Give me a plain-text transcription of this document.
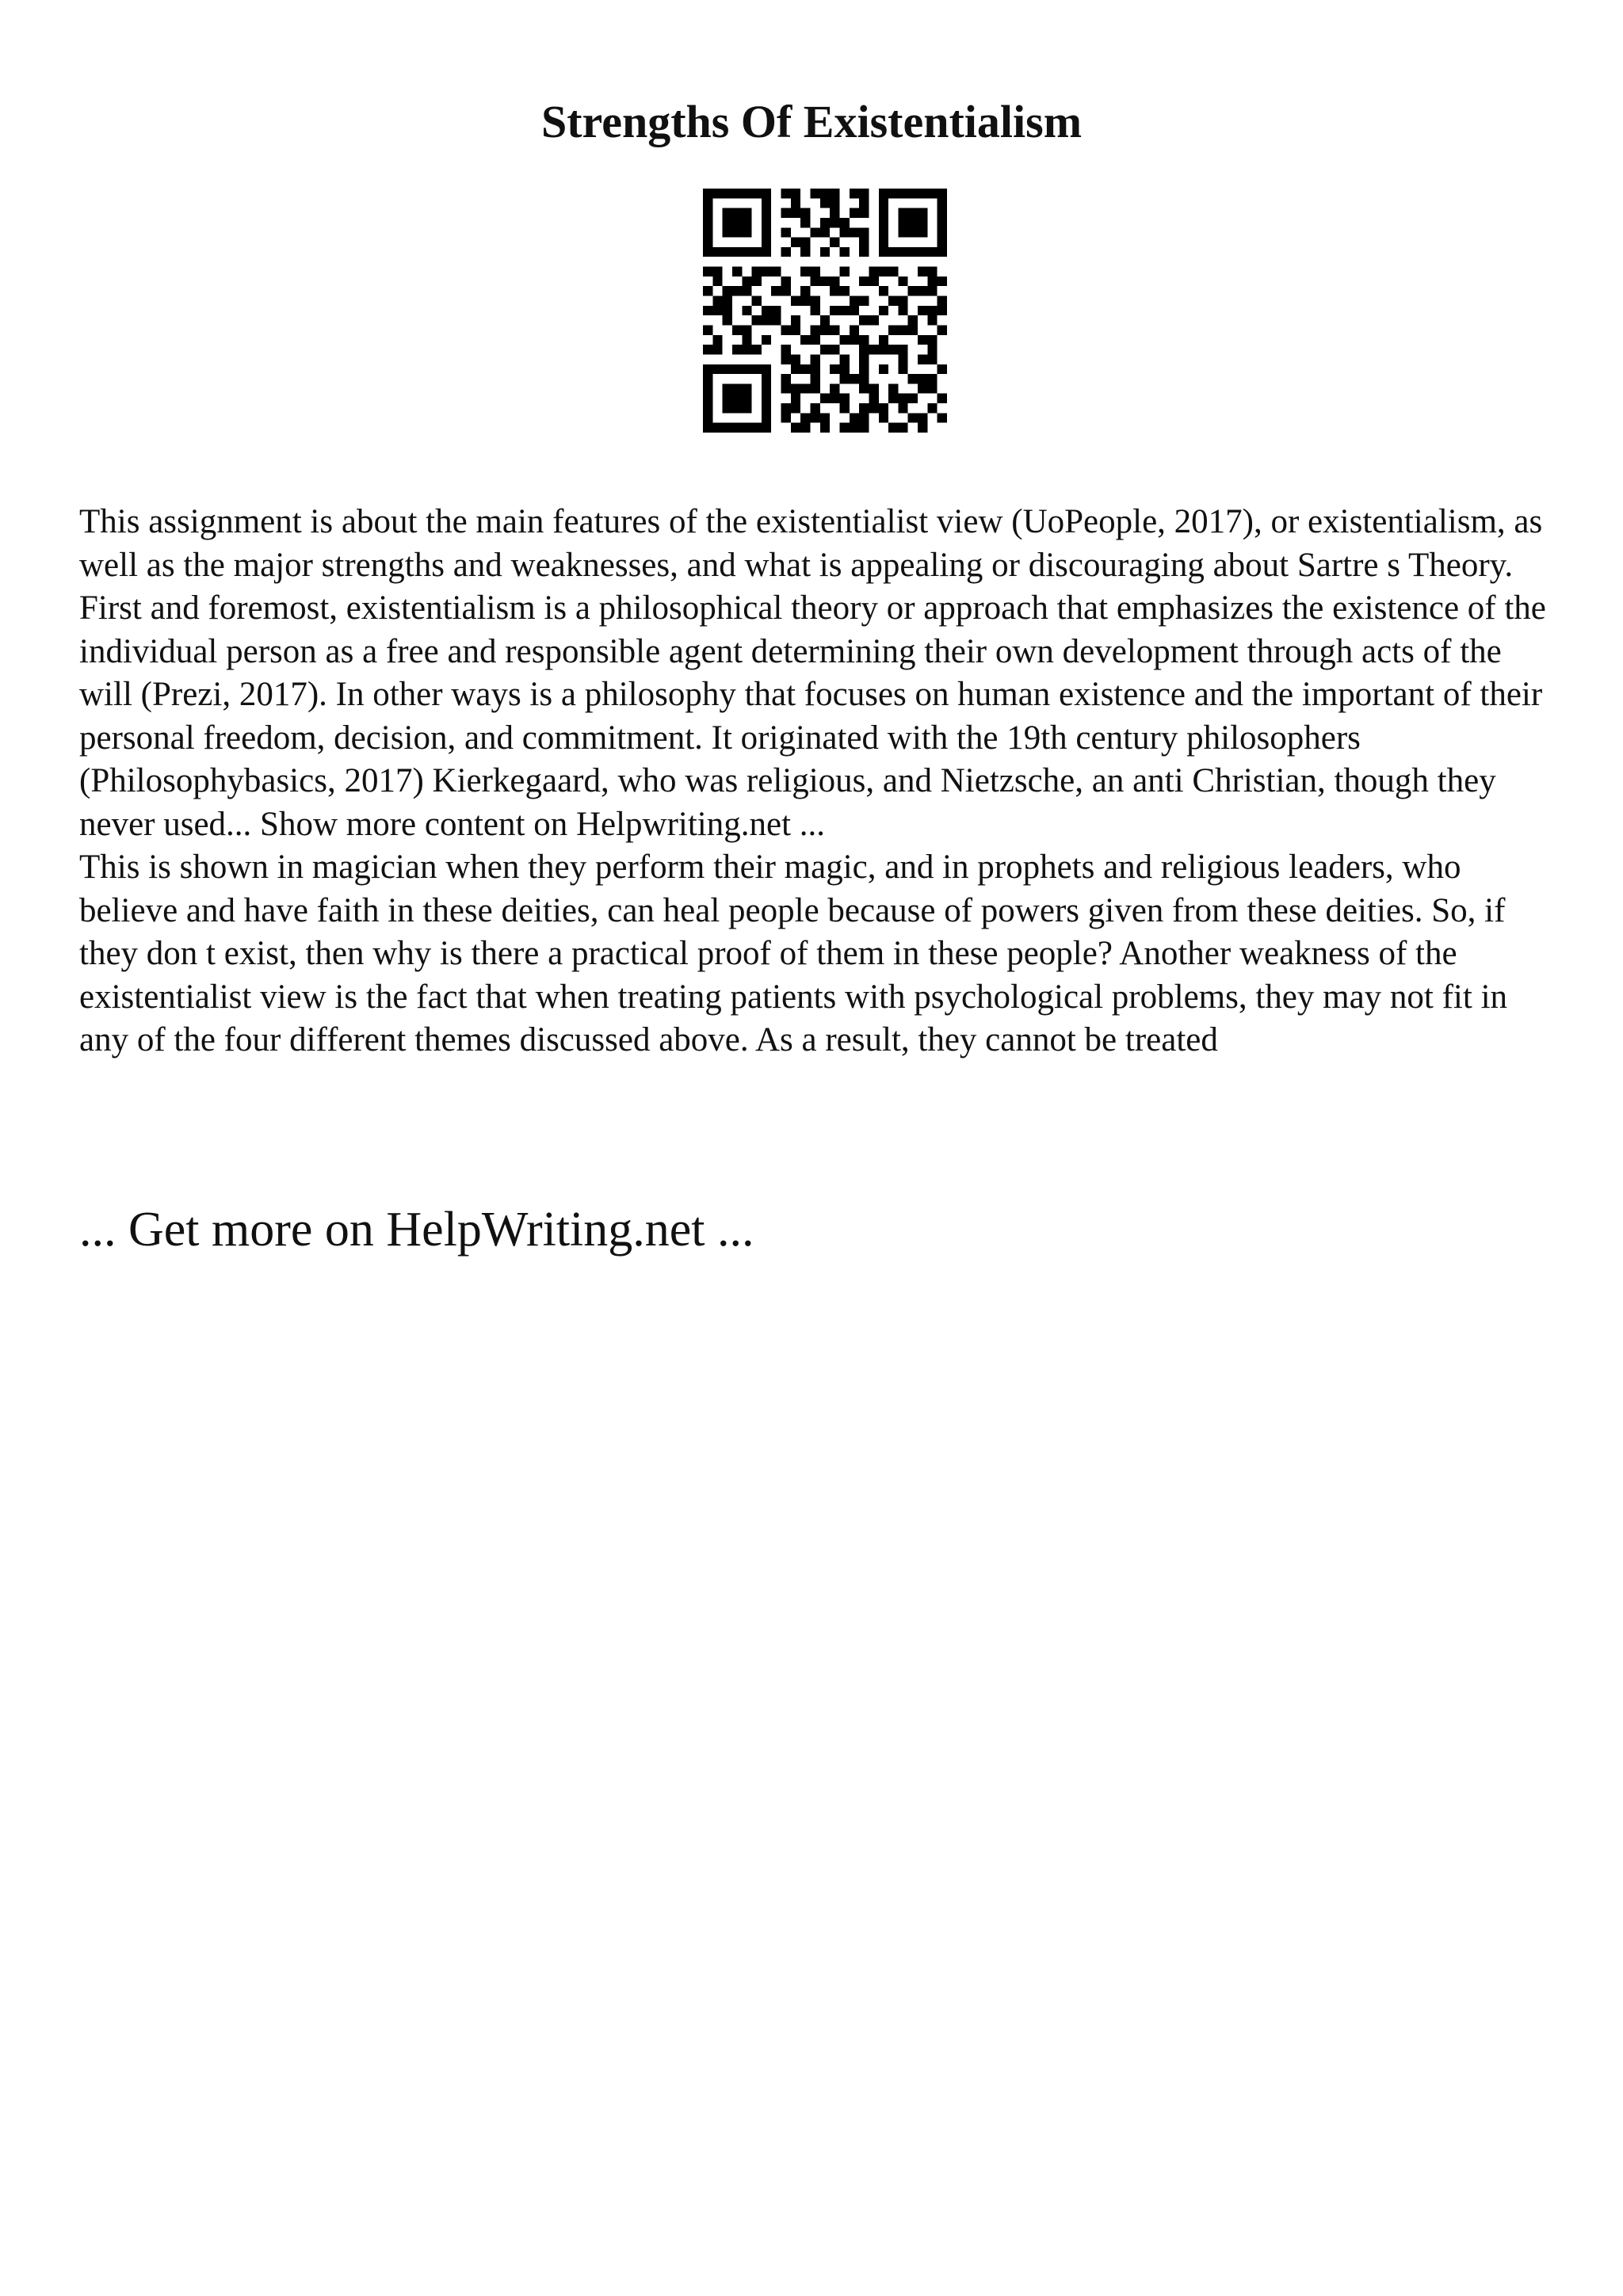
Strengths Of Existentialism

This assignment is about the main features of the existentialist view (UoPeople, 2017), or existentialism, as well as the major strengths and weaknesses, and what is appealing or discouraging about Sartre s Theory. First and foremost, existentialism is a philosophical theory or approach that emphasizes the existence of the individual person as a free and responsible agent determining their own development through acts of the will (Prezi, 2017). In other ways is a philosophy that focuses on human existence and the important of their personal freedom, decision, and commitment. It originated with the 19th century philosophers (Philosophybasics, 2017) Kierkegaard, who was religious, and Nietzsche, an anti Christian, though they never used... Show more content on Helpwriting.net ...

This is shown in magician when they perform their magic, and in prophets and religious leaders, who believe and have faith in these deities, can heal people because of powers given from these deities. So, if they don t exist, then why is there a practical proof of them in these people? Another weakness of the existentialist view is the fact that when treating patients with psychological problems, they may not fit in any of the four different themes discussed above. As a result, they cannot be treated

... Get more on HelpWriting.net ...
